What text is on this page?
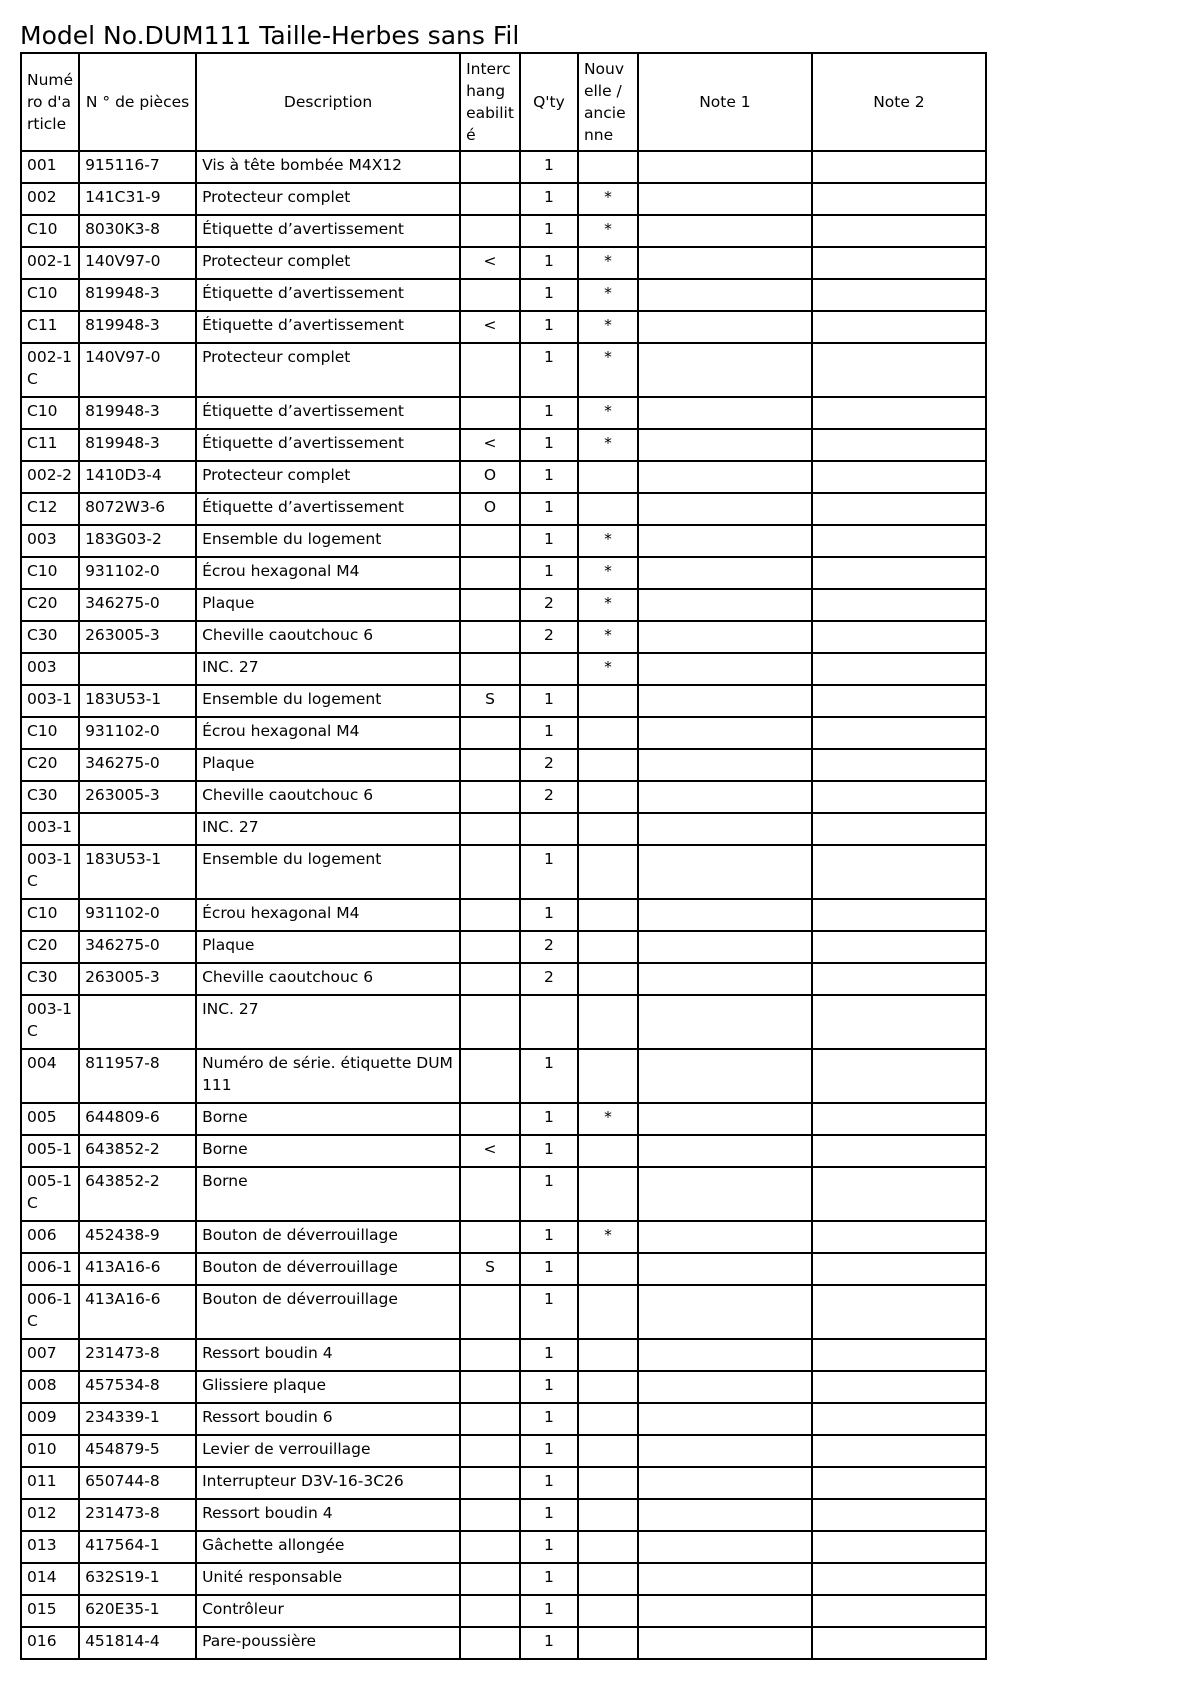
Model No.DUM111 Taille-Herbes sans Fil
Numé ro d'a rticle	N ° de pièces	Description	Interc hang eabilit é	Q'ty	Nouv elle / ancie nne	Note 1	Note 2
001	915116-7	Vis à tête bombée M4X12		1			
002	141C31-9	Protecteur complet		1	*		
C10	8030K3-8	Étiquette d’avertissement		1	*		
002-1	140V97-0	Protecteur complet	<	1	*		
C10	819948-3	Étiquette d’avertissement		1	*		
C11	819948-3	Étiquette d’avertissement	<	1	*		
002-1 C	140V97-0	Protecteur complet		1	*		
C10	819948-3	Étiquette d’avertissement		1	*		
C11	819948-3	Étiquette d’avertissement	<	1	*		
002-2	1410D3-4	Protecteur complet	O	1			
C12	8072W3-6	Étiquette d’avertissement	O	1			
003	183G03-2	Ensemble du logement		1	*		
C10	931102-0	Écrou hexagonal M4		1	*		
C20	346275-0	Plaque		2	*		
C30	263005-3	Cheville caoutchouc 6		2	*		
003		INC. 27			*		
003-1	183U53-1	Ensemble du logement	S	1			
C10	931102-0	Écrou hexagonal M4		1			
C20	346275-0	Plaque		2			
C30	263005-3	Cheville caoutchouc 6		2			
003-1		INC. 27					
003-1 C	183U53-1	Ensemble du logement		1			
C10	931102-0	Écrou hexagonal M4		1			
C20	346275-0	Plaque		2			
C30	263005-3	Cheville caoutchouc 6		2			
003-1 C		INC. 27					
004	811957-8	Numéro de série. étiquette DUM 111		1			
005	644809-6	Borne		1	*		
005-1	643852-2	Borne	<	1			
005-1 C	643852-2	Borne		1			
006	452438-9	Bouton de déverrouillage		1	*		
006-1	413A16-6	Bouton de déverrouillage	S	1			
006-1 C	413A16-6	Bouton de déverrouillage		1			
007	231473-8	Ressort boudin 4		1			
008	457534-8	Glissiere plaque		1			
009	234339-1	Ressort boudin 6		1			
010	454879-5	Levier de verrouillage		1			
011	650744-8	Interrupteur D3V-16-3C26		1			
012	231473-8	Ressort boudin 4		1			
013	417564-1	Gâchette allongée		1			
014	632S19-1	Unité responsable		1			
015	620E35-1	Contrôleur		1			
016	451814-4	Pare-poussière		1			
